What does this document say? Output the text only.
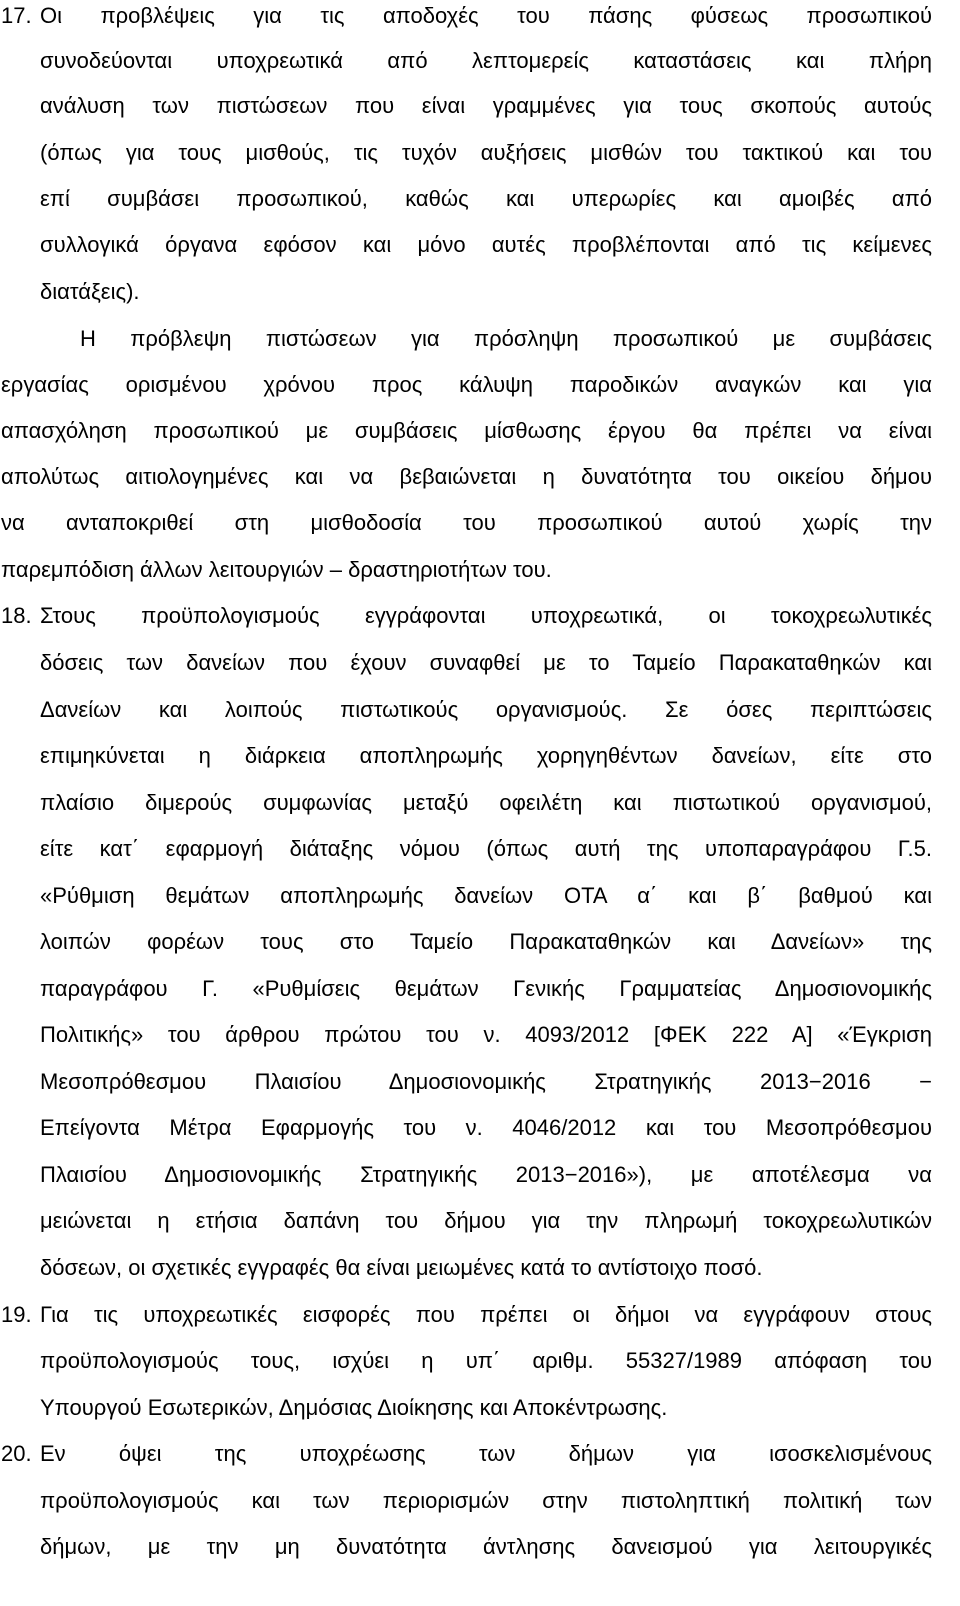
17. Οι προβλέψεις για τις αποδοχές του πάσης φύσεως προσωπικού
συνοδεύονται υποχρεωτικά από λεπτομερείς καταστάσεις και πλήρη
ανάλυση των πιστώσεων που είναι γραμμένες για τους σκοπούς αυτούς
(όπως για τους μισθούς, τις τυχόν αυξήσεις μισθών του τακτικού και του
επί συμβάσει προσωπικού, καθώς και υπερωρίες και αμοιβές από
συλλογικά όργανα εφόσον και μόνο αυτές προβλέπονται από τις κείμενες
διατάξεις).
Η πρόβλεψη πιστώσεων για πρόσληψη προσωπικού με συμβάσεις
εργασίας ορισμένου χρόνου προς κάλυψη παροδικών αναγκών και για
απασχόληση προσωπικού με συμβάσεις μίσθωσης έργου θα πρέπει να είναι
απολύτως αιτιολογημένες και να βεβαιώνεται η δυνατότητα του οικείου δήμου
να ανταποκριθεί στη μισθοδοσία του προσωπικού αυτού χωρίς την
παρεμπόδιση άλλων λειτουργιών – δραστηριοτήτων του.
18. Στους προϋπολογισμούς εγγράφονται υποχρεωτικά, οι τοκοχρεωλυτικές
δόσεις των δανείων που έχουν συναφθεί με το Ταμείο Παρακαταθηκών και
Δανείων και λοιπούς πιστωτικούς οργανισμούς. Σε όσες περιπτώσεις
επιμηκύνεται η διάρκεια αποπληρωμής χορηγηθέντων δανείων, είτε στο
πλαίσιο διμερούς συμφωνίας μεταξύ οφειλέτη και πιστωτικού οργανισμού,
είτε κατ΄ εφαρμογή διάταξης νόμου (όπως αυτή της υποπαραγράφου Γ.5.
«Ρύθμιση θεμάτων αποπληρωμής δανείων ΟΤΑ α΄ και β΄ βαθμού και
λοιπών φορέων τους στο Ταμείο Παρακαταθηκών και Δανείων» της
παραγράφου Γ. «Ρυθμίσεις θεμάτων Γενικής Γραμματείας Δημοσιονομικής
Πολιτικής» του άρθρου πρώτου του ν. 4093/2012 [ΦΕΚ 222 Α] «Έγκριση
Μεσοπρόθεσμου Πλαισίου Δημοσιονομικής Στρατηγικής 2013−2016 −
Επείγοντα Μέτρα Εφαρμογής του ν. 4046/2012 και του Μεσοπρόθεσμου
Πλαισίου Δημοσιονομικής Στρατηγικής 2013−2016»), με αποτέλεσμα να
μειώνεται η ετήσια δαπάνη του δήμου για την πληρωμή τοκοχρεωλυτικών
δόσεων, οι σχετικές εγγραφές θα είναι μειωμένες κατά το αντίστοιχο ποσό.
19. Για τις υποχρεωτικές εισφορές που πρέπει οι δήμοι να εγγράφουν στους
προϋπολογισμούς τους, ισχύει η υπ΄ αριθμ. 55327/1989 απόφαση του
Υπουργού Εσωτερικών, Δημόσιας Διοίκησης και Αποκέντρωσης.
20. Εν όψει της υποχρέωσης των δήμων για ισοσκελισμένους
προϋπολογισμούς και των περιορισμών στην πιστοληπτική πολιτική των
δήμων, με την μη δυνατότητα άντλησης δανεισμού για λειτουργικές
